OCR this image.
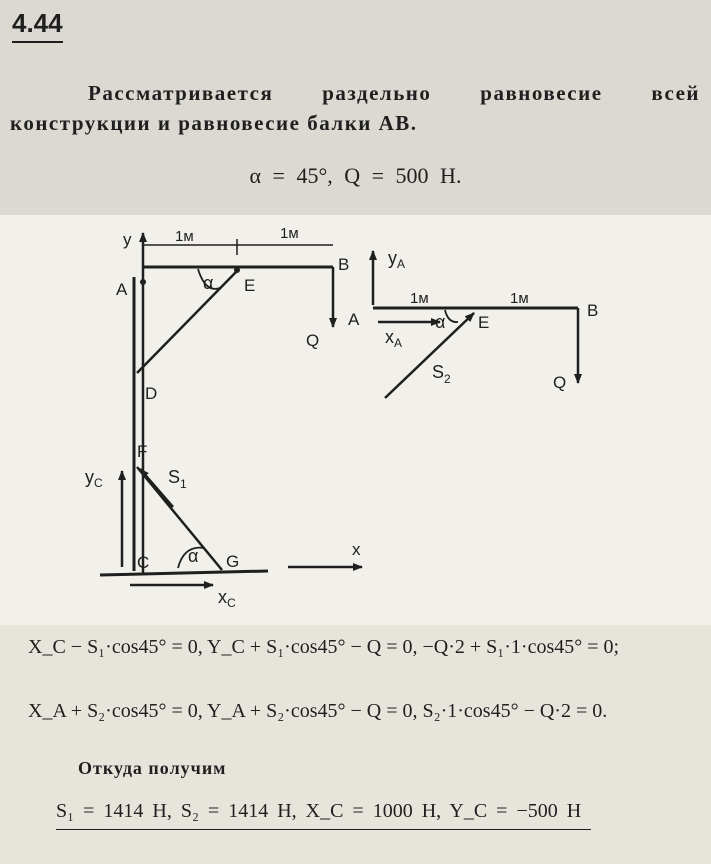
4.44
Рассматривается раздельно равновесие всей
конструкции и равновесие балки AB.
α = 45°, Q = 500 H.
y	1м	1м
A	α E
B
Q
D
F
$y_C$	$S_1$
C α G
$x_C$
x
$y_A$
A
1м	1м
B
$x_A$
α E
$S_2$	Q
X_C − S₁·cos45° = 0, Y_C + S₁·cos45° − Q = 0, −Q·2 + S₁·1·cos45° = 0;
X_A + S₂·cos45° = 0, Y_A + S₂·cos45° − Q = 0, S₂·1·cos45° − Q·2 = 0.
Откуда получим
S₁ = 1414 H, S₂ = 1414 H, X_C = 1000 H, Y_C = −500 H
